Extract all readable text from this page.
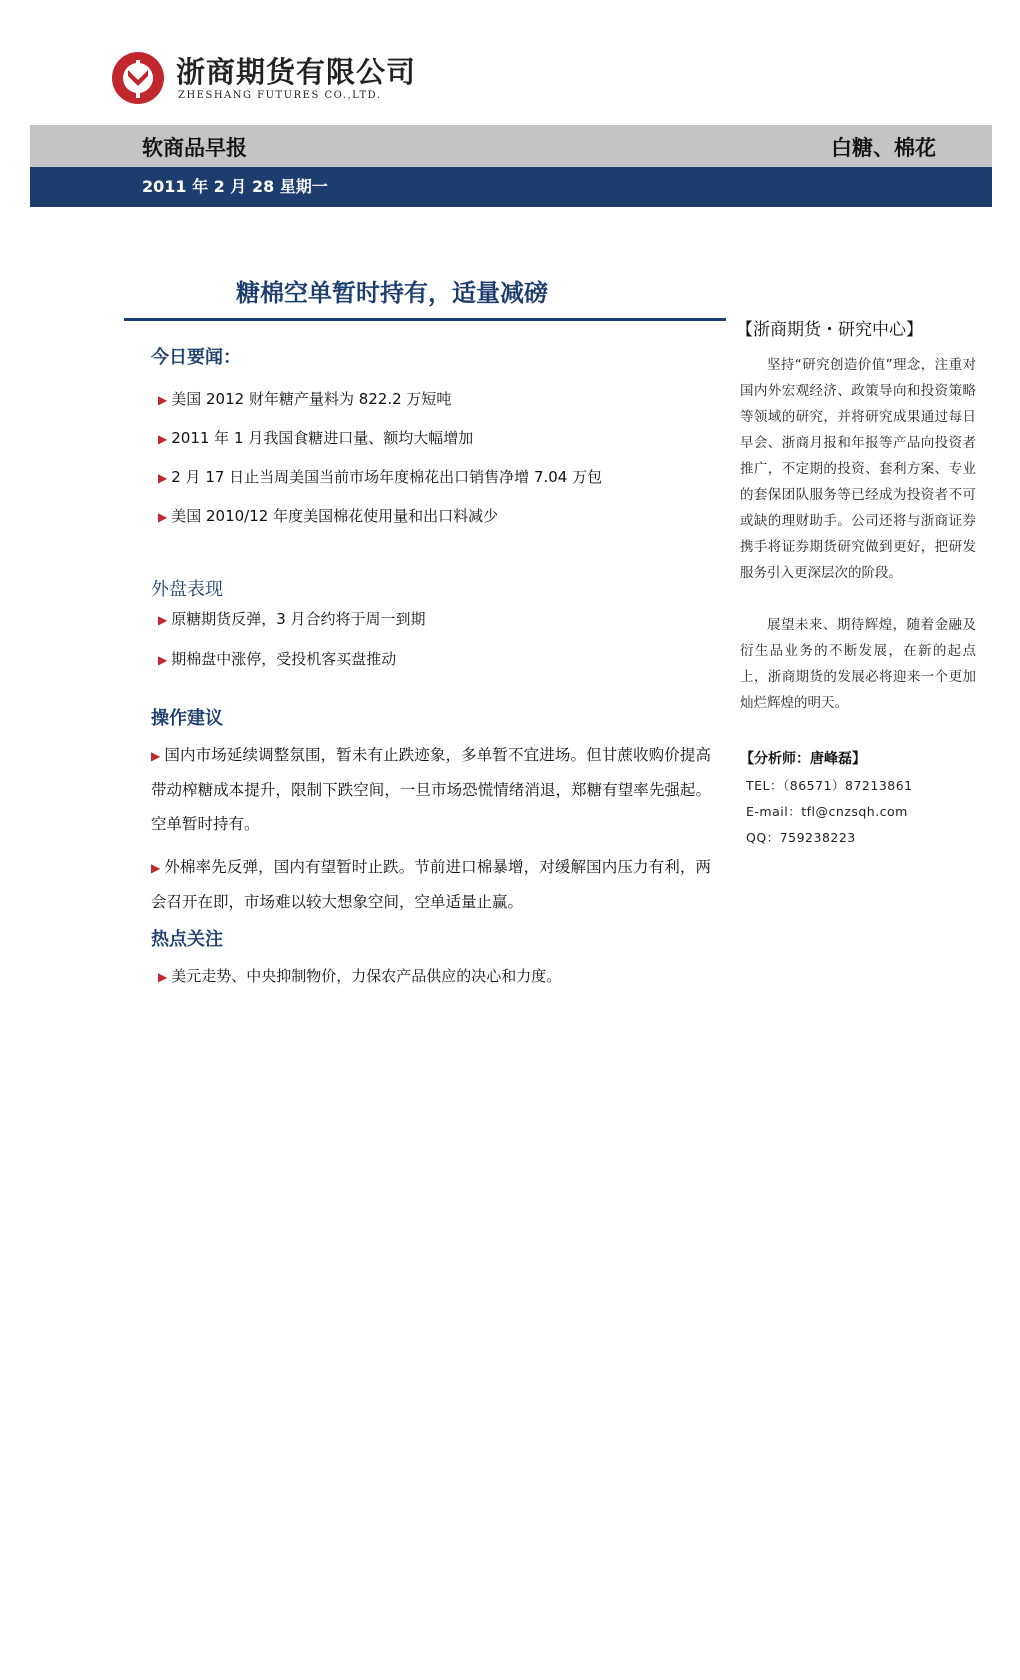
浙商期货有限公司
ZHESHANG FUTURES CO.,LTD.
软商品早报	白糖、棉花
2011 年 2 月 28 星期一
糖棉空单暂时持有，适量减磅
今日要闻：
▶ 美国 2012 财年糖产量料为 822.2 万短吨
▶ 2011 年 1 月我国食糖进口量、额均大幅增加
▶ 2 月 17 日止当周美国当前市场年度棉花出口销售净增 7.04 万包
▶ 美国 2010/12 年度美国棉花使用量和出口料减少
外盘表现
▶ 原糖期货反弹，3 月合约将于周一到期
▶ 期棉盘中涨停，受投机客买盘推动
操作建议
▶ 国内市场延续调整氛围，暂未有止跌迹象，多单暂不宜进场。但甘蔗收购价提高带动榨糖成本提升，限制下跌空间，一旦市场恐慌情绪消退，郑糖有望率先强起。空单暂时持有。
▶ 外棉率先反弹，国内有望暂时止跌。节前进口棉暴增，对缓解国内压力有利，两会召开在即，市场难以较大想象空间，空单适量止赢。
热点关注
▶ 美元走势、中央抑制物价，力保农产品供应的决心和力度。
【浙商期货・研究中心】
坚持“研究创造价值”理念，注重对国内外宏观经济、政策导向和投资策略等领域的研究，并将研究成果通过每日早会、浙商月报和年报等产品向投资者推广，不定期的投资、套利方案、专业的套保团队服务等已经成为投资者不可或缺的理财助手。公司还将与浙商证券携手将证券期货研究做到更好，把研发服务引入更深层次的阶段。
展望未来、期待辉煌，随着金融及衍生品业务的不断发展，在新的起点上，浙商期货的发展必将迎来一个更加灿烂辉煌的明天。
【分析师：唐峰磊】
TEL：（86571）87213861
E-mail：tfl@cnzsqh.com
QQ：759238223
